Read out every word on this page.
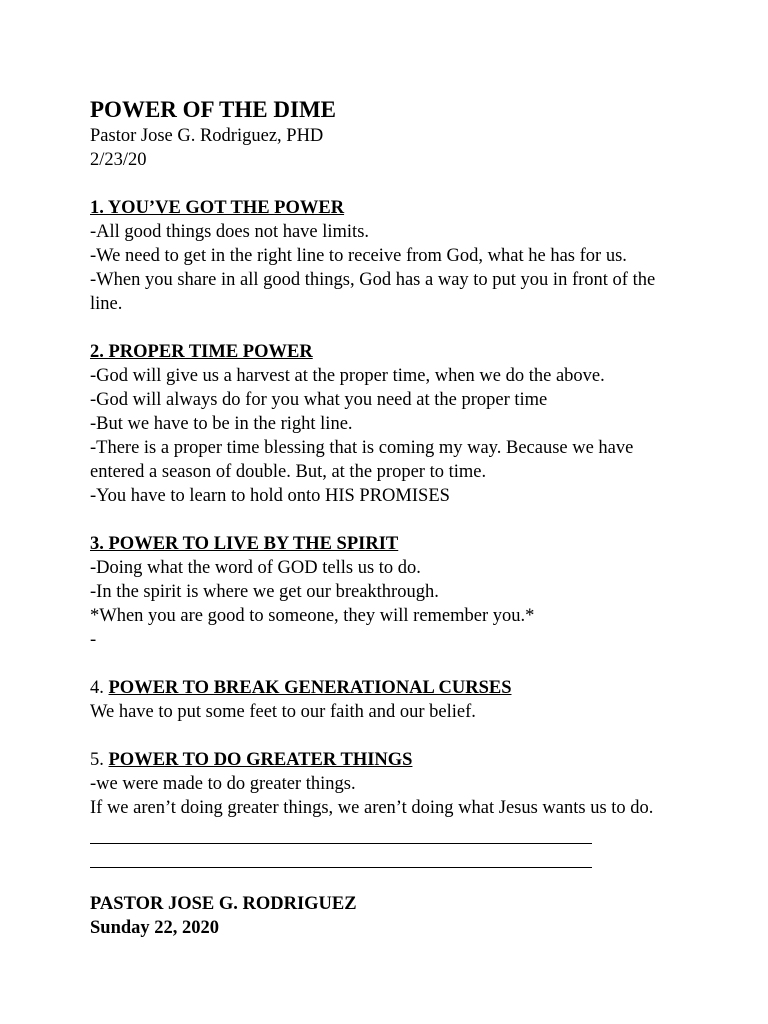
POWER OF THE DIME

Pastor Jose G. Rodriguez, PHD

2/23/20

1. YOU’VE GOT THE POWER

-All good things does not have limits.

-We need to get in the right line to receive from God, what he has for us.

-When you share in all good things, God has a way to put you in front of the line.

2. PROPER TIME POWER

-God will give us a harvest at the proper time, when we do the above.

-God will always do for you what you need at the proper time

-But we have to be in the right line.

-There is a proper time blessing that is coming my way. Because we have entered a season of double. But, at the proper to time.

-You have to learn to hold onto HIS PROMISES

3. POWER TO LIVE BY THE SPIRIT

-Doing what the word of GOD tells us to do.

-In the spirit is where we get our breakthrough.

*When you are good to someone, they will remember you.*

-

4. POWER TO BREAK GENERATIONAL CURSES

We have to put some feet to our faith and our belief.

5. POWER TO DO GREATER THINGS

-we were made to do greater things.

If we aren’t doing greater things, we aren’t doing what Jesus wants us to do.

PASTOR JOSE G. RODRIGUEZ

Sunday 22, 2020
